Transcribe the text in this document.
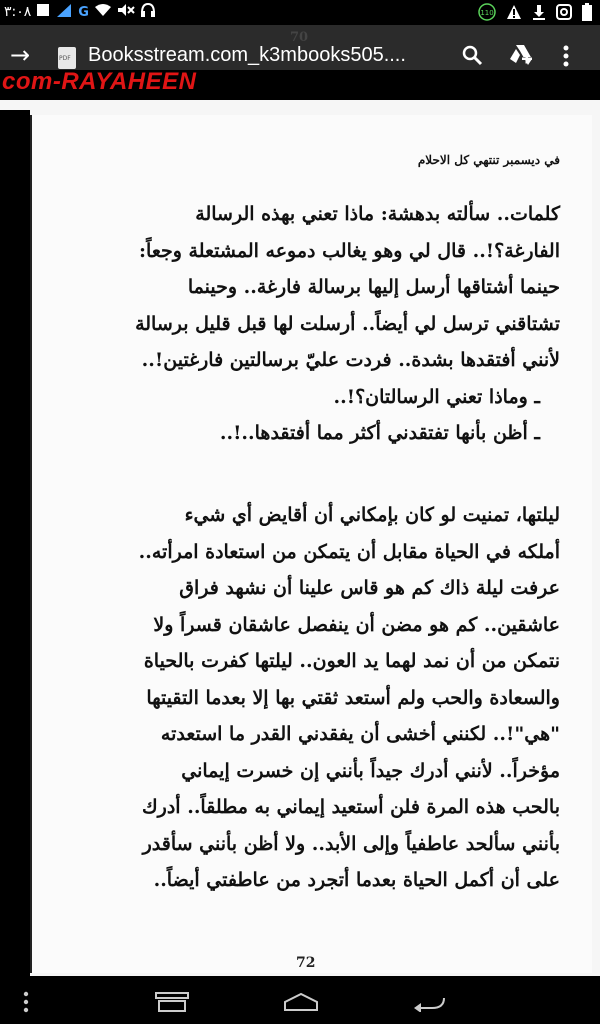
٣:٠٨	G	110
70
→	PDF Booksstream.com_k3mbooks505....
com-RAYAHEEN
في ديسمبر تنتهي كل الاحلام

كلمات.. سألته بدهشة: ماذا تعني بهذه الرسالة

الفارغة؟!.. قال لي وهو يغالب دموعه المشتعلة وجعاً:

حينما أشتاقها أرسل إليها برسالة فارغة.. وحينما

تشتاقني ترسل لي أيضاً.. أرسلت لها قبل قليل برسالة

لأنني أفتقدها بشدة.. فردت عليّ برسالتين فارغتين!..

ـ وماذا تعني الرسالتان؟!..

ـ أظن بأنها تفتقدني أكثر مما أفتقدها..!..

ليلتها، تمنيت لو كان بإمكاني أن أقايض أي شيء

أملكه في الحياة مقابل أن يتمكن من استعادة امرأته..

عرفت ليلة ذاك كم هو قاس علينا أن نشهد فراق

عاشقين.. كم هو مضن أن ينفصل عاشقان قسراً ولا

نتمكن من أن نمد لهما يد العون.. ليلتها كفرت بالحياة

والسعادة والحب ولم أستعد ثقتي بها إلا بعدما التقيتها

"هي"!.. لكنني أخشى أن يفقدني القدر ما استعدته

مؤخراً.. لأنني أدرك جيداً بأنني إن خسرت إيماني

بالحب هذه المرة فلن أستعيد إيماني به مطلقاً.. أدرك

بأنني سألحد عاطفياً وإلى الأبد.. ولا أظن بأنني سأقدر

على أن أكمل الحياة بعدما أتجرد من عاطفتي أيضاً..

72
